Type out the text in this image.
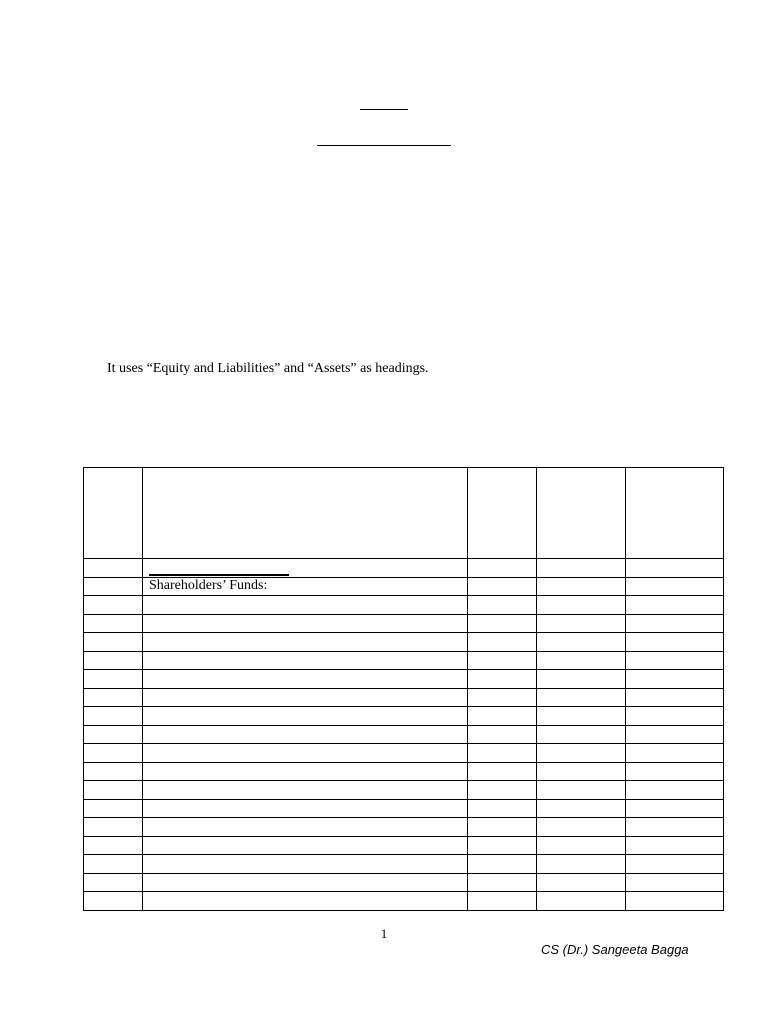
It uses “Equity and Liabilities” and “Assets” as headings.

	Shareholders’ Funds:			

1
CS (Dr.) Sangeeta Bagga
